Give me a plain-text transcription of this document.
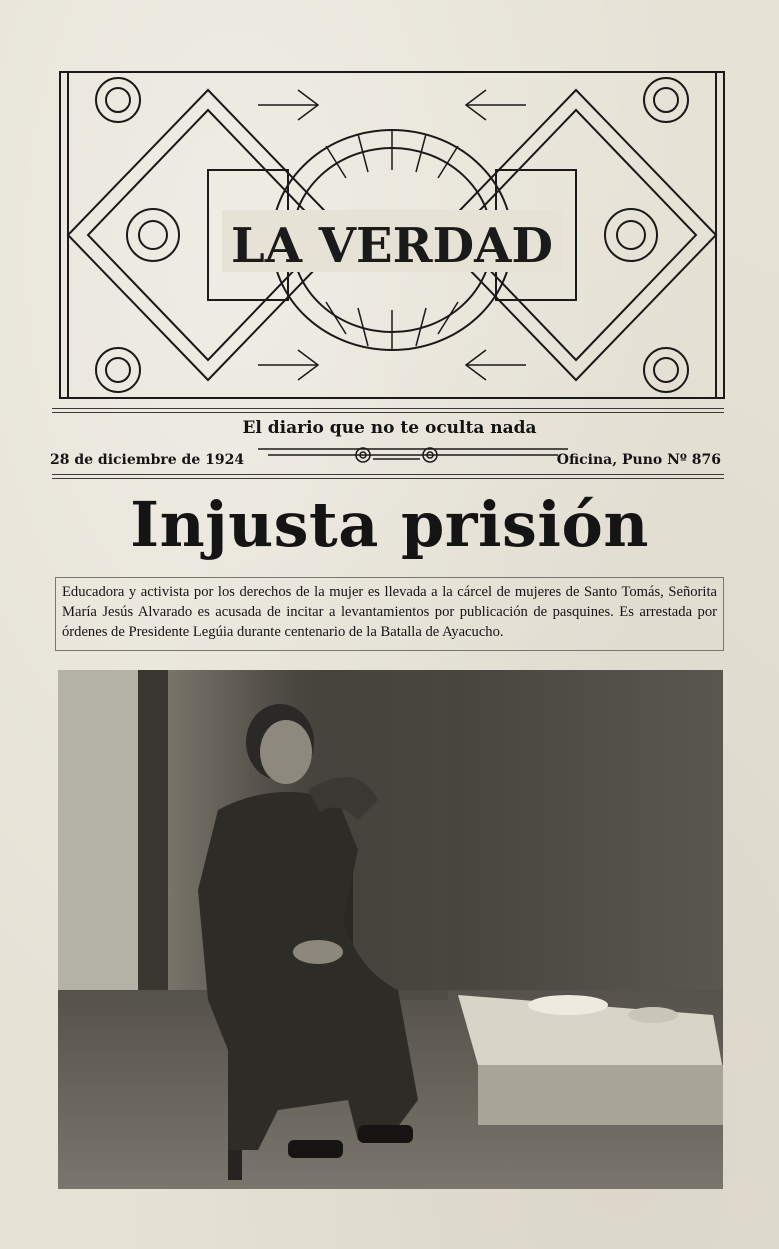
LA VERDAD
El diario que no te oculta nada
28 de diciembre de 1924	Oficina, Puno Nº 876
Injusta prisión
Educadora y activista por los derechos de la mujer es llevada a la cárcel de mujeres de Santo Tomás, Señorita María Jesús Alvarado es acusada de incitar a levantamientos por publicación de pasquines. Es arrestada por órdenes de Presidente Legúia durante centenario de la Batalla de Ayacucho.
